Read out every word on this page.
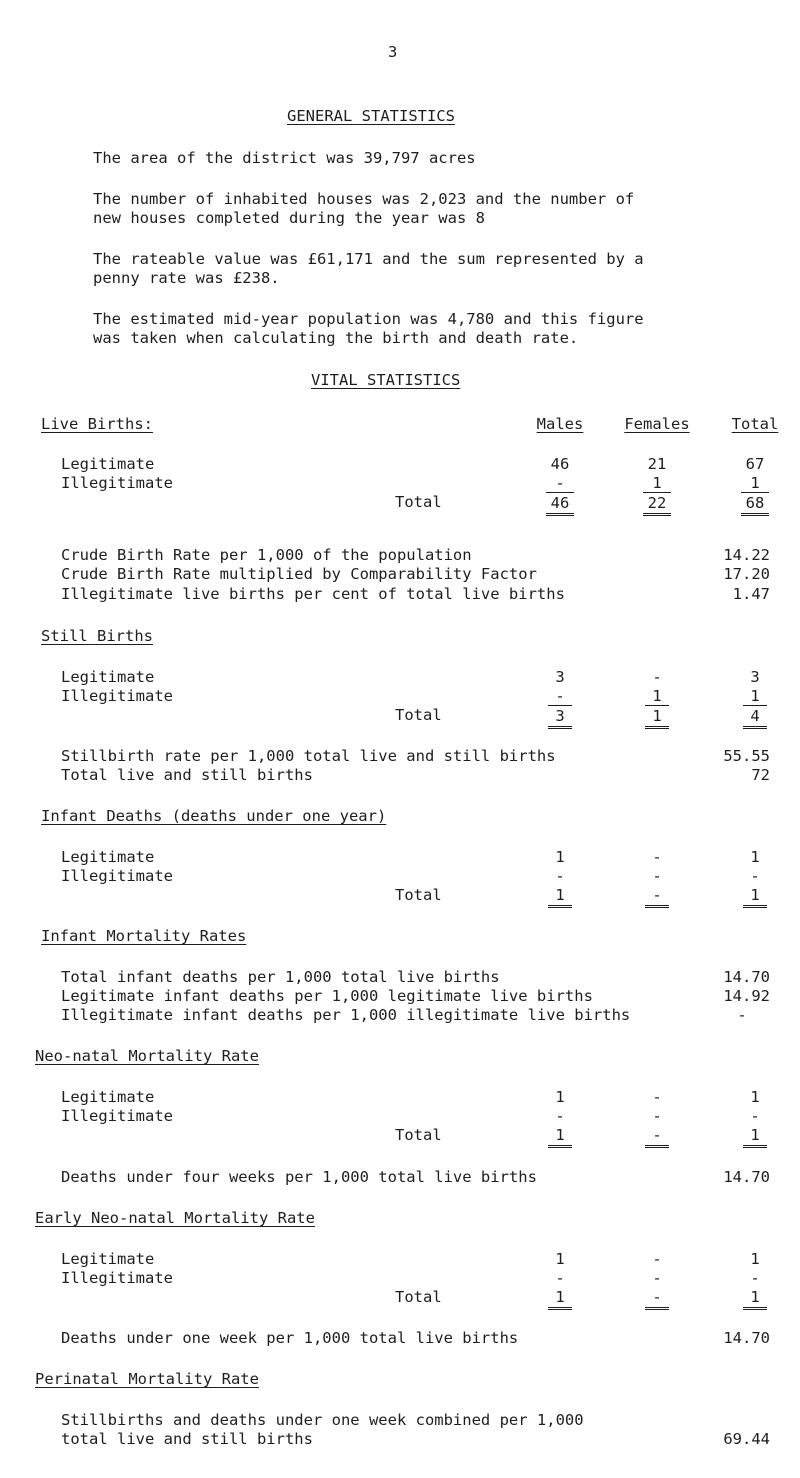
3
GENERAL STATISTICS
The area of the district was 39,797 acres
The number of inhabited houses was 2,023 and the number of
new houses completed during the year was 8
The rateable value was £61,171 and the sum represented by a
penny rate was £238.
The estimated mid-year population was 4,780 and this figure
was taken when calculating the birth and death rate.
VITAL STATISTICS
Live Births:	Males	Females	Total
Legitimate	46	21	67
Illegitimate	-	1	1
Total	46	22	68
Crude Birth Rate per 1,000 of the population	14.22
Crude Birth Rate multiplied by Comparability Factor	17.20
Illegitimate live births per cent of total live births	1.47
Still Births
Legitimate	3	-	3
Illegitimate	-	1	1
Total	3	1	4
Stillbirth rate per 1,000 total live and still births	55.55
Total live and still births	72
Infant Deaths (deaths under one year)
Legitimate	1	-	1
Illegitimate	-	-	-
Total	1	-	1
Infant Mortality Rates
Total infant deaths per 1,000 total live births	14.70
Legitimate infant deaths per 1,000 legitimate live births	14.92
Illegitimate infant deaths per 1,000 illegitimate live births	-
Neo-natal Mortality Rate
Legitimate	1	-	1
Illegitimate	-	-	-
Total	1	-	1
Deaths under four weeks per 1,000 total live births	14.70
Early Neo-natal Mortality Rate
Legitimate	1	-	1
Illegitimate	-	-	-
Total	1	-	1
Deaths under one week per 1,000 total live births	14.70
Perinatal Mortality Rate
Stillbirths and deaths under one week combined per 1,000
total live and still births	69.44
